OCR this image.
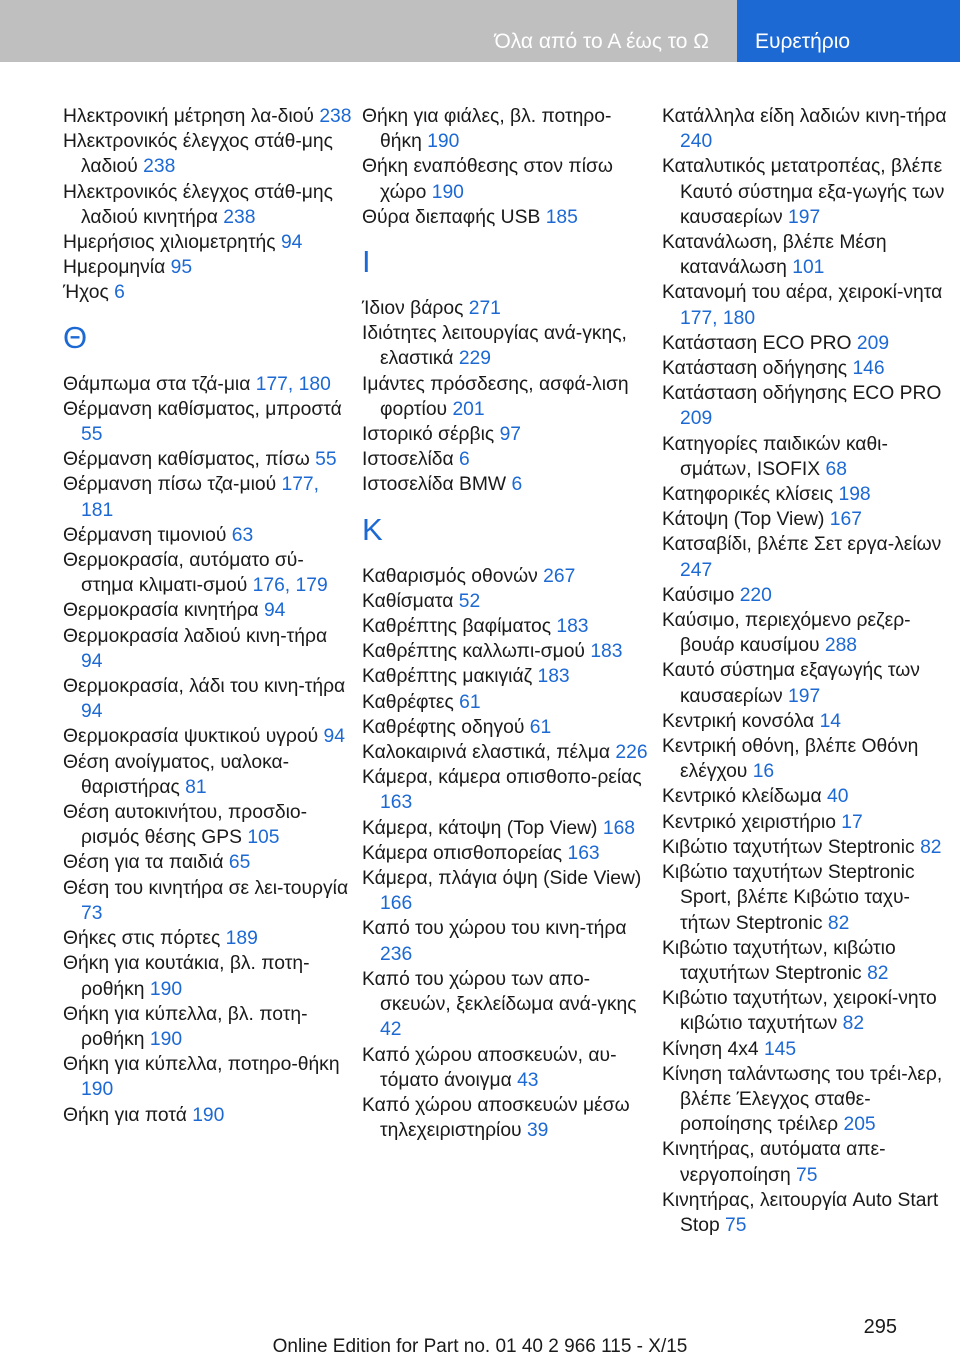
Όλα από το Α έως το Ω Ευρετήριο

Ηλεκτρονική μέτρηση λα‐διού 238

Ηλεκτρονικός έλεγχος στάθ‐μης λαδιού 238

Ηλεκτρονικός έλεγχος στάθ‐μης λαδιού κινητήρα 238

Ημερήσιος χιλιομετρητής 94

Ημερομηνία 95

Ήχος 6

Θ

Θάμπωμα στα τζά‐μια 177, 180

Θέρμανση καθίσματος, μπροστά 55

Θέρμανση καθίσματος, πίσω 55

Θέρμανση πίσω τζα‐μιού 177, 181

Θέρμανση τιμονιού 63

Θερμοκρασία, αυτόματο σύ‐στημα κλιματι‐σμού 176, 179

Θερμοκρασία κινητήρα 94

Θερμοκρασία λαδιού κινη‐τήρα 94

Θερμοκρασία, λάδι του κινη‐τήρα 94

Θερμοκρασία ψυκτικού υγρού 94

Θέση ανοίγματος, υαλοκα‐θαριστήρας 81

Θέση αυτοκινήτου, προσδιο‐ρισμός θέσης GPS 105

Θέση για τα παιδιά 65

Θέση του κινητήρα σε λει‐τουργία 73

Θήκες στις πόρτες 189

Θήκη για κουτάκια, βλ. ποτη‐ροθήκη 190

Θήκη για κύπελλα, βλ. ποτη‐ροθήκη 190

Θήκη για κύπελλα, ποτηρο‐θήκη 190

Θήκη για ποτά 190

Θήκη για φιάλες, βλ. ποτηρο‐θήκη 190

Θήκη εναπόθεσης στον πίσω χώρο 190

Θύρα διεπαφής USB 185

Ι

Ίδιον βάρος 271

Ιδιότητες λειτουργίας ανά‐γκης, ελαστικά 229

Ιμάντες πρόσδεσης, ασφά‐λιση φορτίου 201

Ιστορικό σέρβις 97

Ιστοσελίδα 6

Ιστοσελίδα BMW 6

Κ

Καθαρισμός οθονών 267

Καθίσματα 52

Καθρέπτης βαφίματος 183

Καθρέπτης καλλωπι‐σμού 183

Καθρέπτης μακιγιάζ 183

Καθρέφτες 61

Καθρέφτης οδηγού 61

Καλοκαιρινά ελαστικά, πέλμα 226

Κάμερα, κάμερα οπισθοπο‐ρείας 163

Κάμερα, κάτοψη (Top View) 168

Κάμερα οπισθοπορείας 163

Κάμερα, πλάγια όψη (Side View) 166

Καπό του χώρου του κινη‐τήρα 236

Καπό του χώρου των απο‐σκευών, ξεκλείδωμα ανά‐γκης 42

Καπό χώρου αποσκευών, αυ‐τόματο άνοιγμα 43

Καπό χώρου αποσκευών μέσω τηλεχειριστηρίου 39

Κατάλληλα είδη λαδιών κινη‐τήρα 240

Καταλυτικός μετατροπέας, βλέπε Καυτό σύστημα εξα‐γωγής των καυσαερίων 197

Κατανάλωση, βλέπε Μέση κατανάλωση 101

Κατανομή του αέρα, χειροκί‐νητα 177, 180

Κατάσταση ECO PRO 209

Κατάσταση οδήγησης 146

Κατάσταση οδήγησης ECO PRO 209

Κατηγορίες παιδικών καθι‐σμάτων, ISOFIX 68

Κατηφορικές κλίσεις 198

Κάτοψη (Top View) 167

Κατσαβίδι, βλέπε Σετ εργα‐λείων 247

Καύσιμο 220

Καύσιμο, περιεχόμενο ρεζερ‐βουάρ καυσίμου 288

Καυτό σύστημα εξαγωγής των καυσαερίων 197

Κεντρική κονσόλα 14

Κεντρική οθόνη, βλέπε Οθόνη ελέγχου 16

Κεντρικό κλείδωμα 40

Κεντρικό χειριστήριο 17

Κιβώτιο ταχυτήτων Steptronic 82

Κιβώτιο ταχυτήτων Steptronic Sport, βλέπε Κιβώτιο ταχυ‐τήτων Steptronic 82

Κιβώτιο ταχυτήτων, κιβώτιο ταχυτήτων Steptronic 82

Κιβώτιο ταχυτήτων, χειροκί‐νητο κιβώτιο ταχυτήτων 82

Κίνηση 4x4 145

Κίνηση ταλάντωσης του τρέι‐λερ, βλέπε Έλεγχος σταθε‐ροποίησης τρέιλερ 205

Κινητήρας, αυτόματα απε‐νεργοποίηση 75

Κινητήρας, λειτουργία Auto Start Stop 75

295
Online Edition for Part no. 01 40 2 966 115 - X/15
